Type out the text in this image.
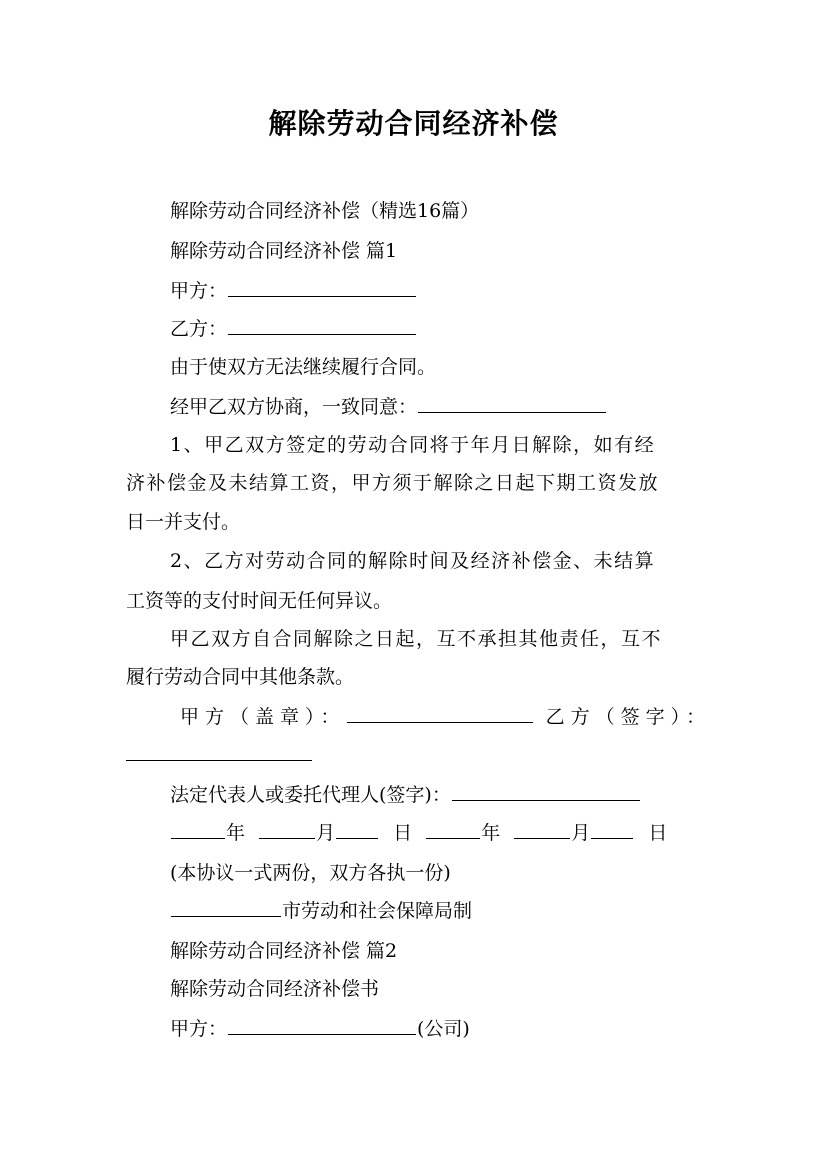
解除劳动合同经济补偿
解除劳动合同经济补偿（精选16篇）
解除劳动合同经济补偿 篇1
甲方：
乙方：
由于使双方无法继续履行合同。
经甲乙双方协商，一致同意：
1、甲乙双方签定的劳动合同将于年月日解除，如有经
济补偿金及未结算工资，甲方须于解除之日起下期工资发放
日一并支付。
2、乙方对劳动合同的解除时间及经济补偿金、未结算
工资等的支付时间无任何异议。
甲乙双方自合同解除之日起，互不承担其他责任，互不
履行劳动合同中其他条款。
甲方（盖章）：	乙方（签字）：
法定代表人或委托代理人(签字)：
年	月	日	年	月	日
(本协议一式两份，双方各执一份)
市劳动和社会保障局制
解除劳动合同经济补偿 篇2
解除劳动合同经济补偿书
甲方：	(公司)
